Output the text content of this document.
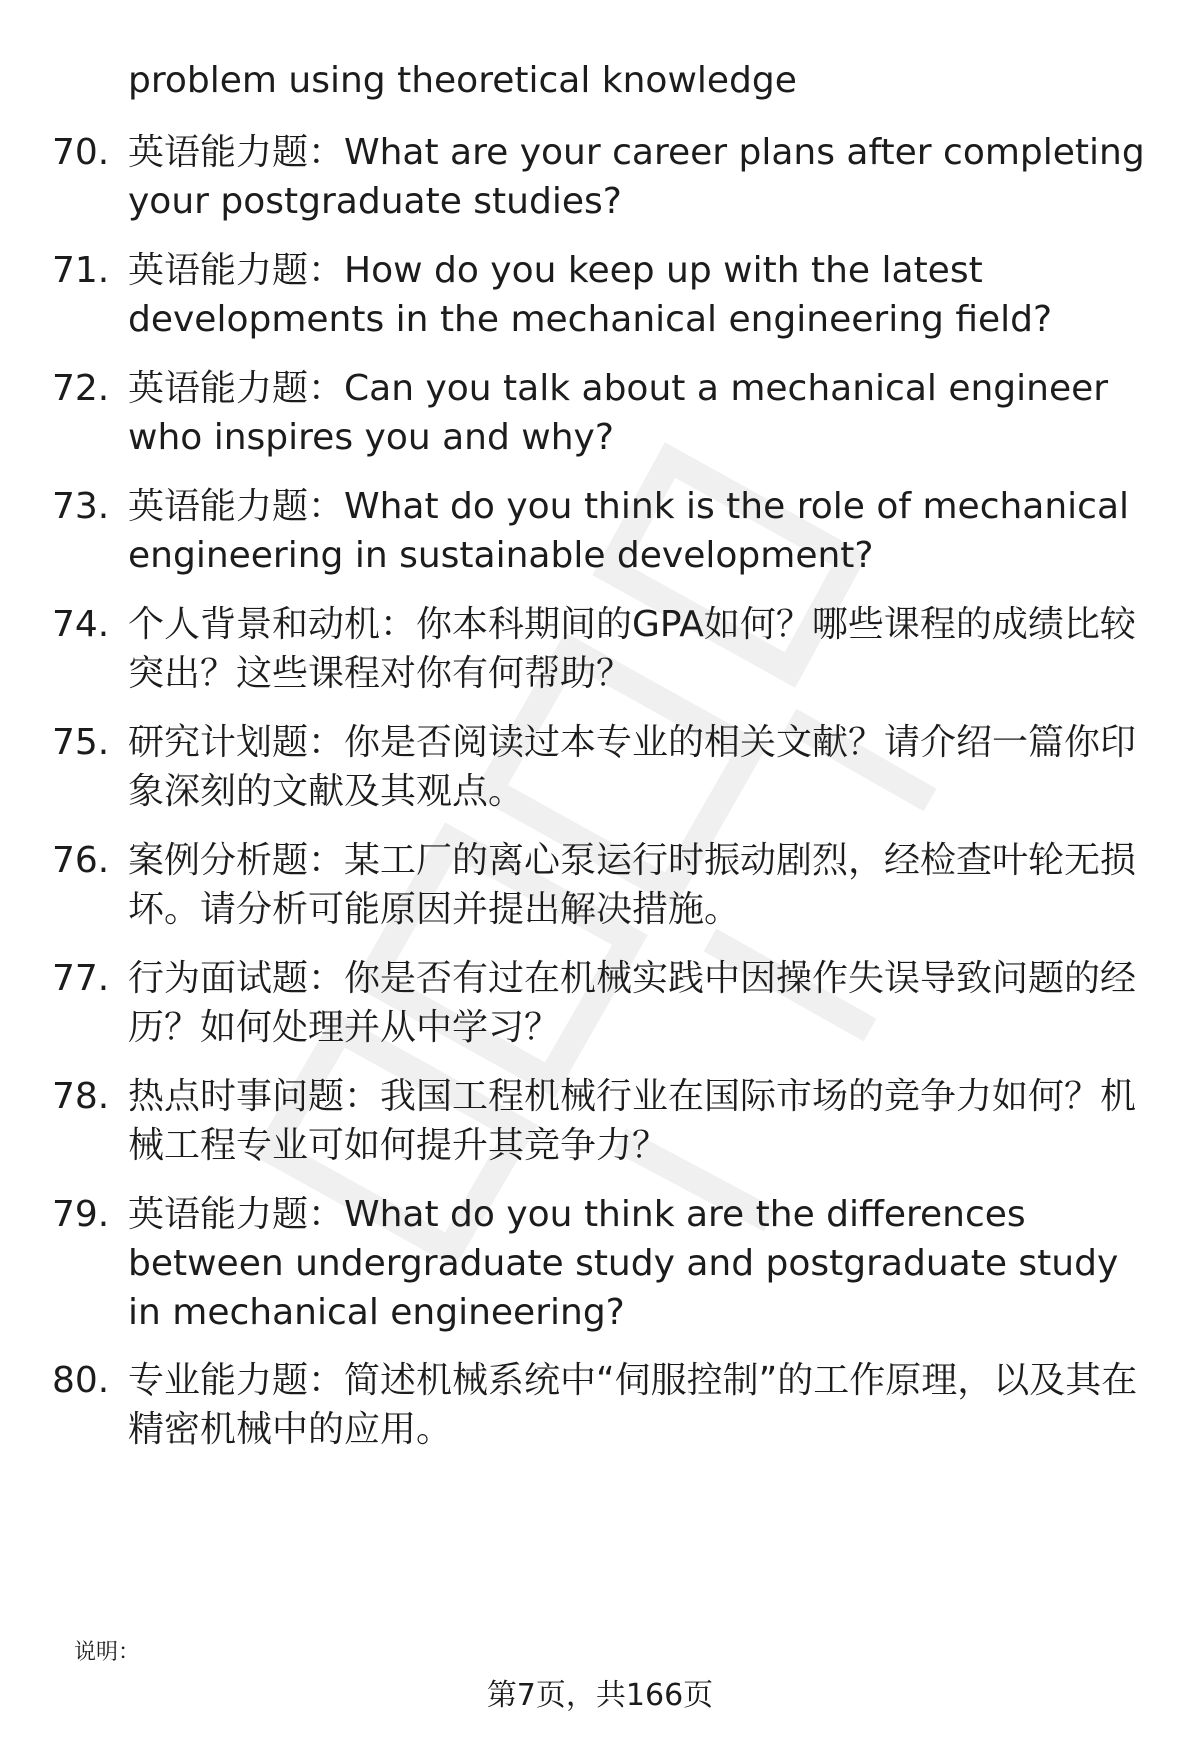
problem using theoretical knowledge

70. 英语能力题：What are your career plans after completing your postgraduate studies?

71. 英语能力题：How do you keep up with the latest developments in the mechanical engineering field?

72. 英语能力题：Can you talk about a mechanical engineer who inspires you and why?

73. 英语能力题：What do you think is the role of mechanical engineering in sustainable development?

74. 个人背景和动机：你本科期间的GPA如何？哪些课程的成绩比较突出？这些课程对你有何帮助？

75. 研究计划题：你是否阅读过本专业的相关文献？请介绍一篇你印象深刻的文献及其观点。

76. 案例分析题：某工厂的离心泵运行时振动剧烈，经检查叶轮无损坏。请分析可能原因并提出解决措施。

77. 行为面试题：你是否有过在机械实践中因操作失误导致问题的经历？如何处理并从中学习？

78. 热点时事问题：我国工程机械行业在国际市场的竞争力如何？机械工程专业可如何提升其竞争力？

79. 英语能力题：What do you think are the differences between undergraduate study and postgraduate study in mechanical engineering?

80. 专业能力题：简述机械系统中“伺服控制”的工作原理，以及其在精密机械中的应用。

说明：

第7页，共166页
